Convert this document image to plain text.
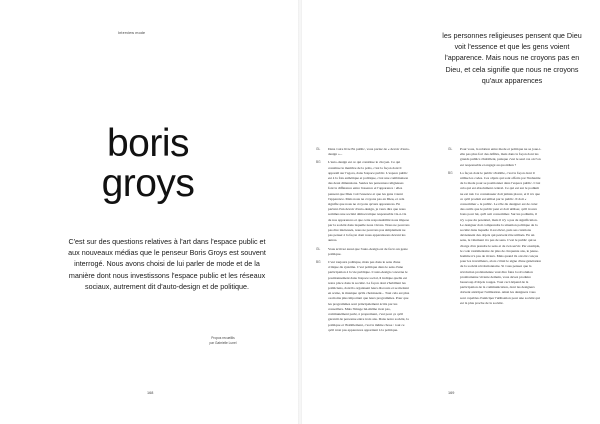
Interview mode
boris
groys
C'est sur des questions relatives à l'art dans l'espace public et aux nouveaux médias que le penseur Boris Groys est souvent interrogé. Nous avons choisi de lui parler de mode et de la manière dont nous investissons l'espace public et les réseaux sociaux, autrement dit d'auto-design et de politique.
Propos recueillis
par Gabrielle Lunel
168
les personnes religieuses pensent que Dieu voit l'essence et que les gens voient l'apparence. Mais nous ne croyons pas en Dieu, et cela signifie que nous ne croyons qu'aux apparences
GL	Dans votre livre En public, vous parlez de « devoir d'auto-design »...
BG	L'auto-design est ce qui constitue le citoyen. Ce qui constitue le membre de la polis, c'est la façon dont il apparaît sur l'agora, dans l'espace public. L'espace public est à la fois esthétique et politique, c'est une combinaison des deux dimensions. Seules les personnes religieuses font la différence entre l'essence et l'apparence : elles pensent que Dieu voit l'essence et que les gens voient l'apparence. Mais nous ne croyons pas en Dieu, et cela signifie que nous ne croyons qu'aux apparences. En parlant d'un devoir d'auto-design, je veux dire que nous sommes une société démocratique responsable vis-à-vis de nos apparences et que cette responsabilité nous impose par la société dans laquelle nous vivons. Nous ne pouvons pas être intéressés, nous ne pouvons pas simplement ne pas penser à la façon dont nous apparaissons devant les autres.
GL	Vous écrivez aussi que l'auto-design est de facto un geste politique.
BG	C'est toujours politique, mais pas dans le sens d'une critique du système. C'est politique dans le sens d'une participation à la vie publique. L'auto-design concerne le positionnement dans l'espace social, il indique quelle est notre place dans la société. La façon dont s'habillent les politiciens, dont ils organisent leurs discours et se mettent en scène, la musique qu'ils choisissent... Tout cela est plus ou moins plus important que leurs programmes. Pour que les programmes sont principalement écrits par les conseillers. Mais l'image lui-même n'est pas, communément parlé, à proprement, c'est pour ça qu'il garantit de personne entre trois ans. Dans notre société, la politique et l'habillement, c'est la même chose : tout ce qu'il n'est pas apparences appartient à la politique.
GL	Pour vous, la relation entre mode et politique ne se joue-t-elle pas plus fort des défilés, mais dans la façon dont les grands publics s'habillent, puisque c'est le seul cas où l'on est responsable et engagé au quotidien ?
BG	La façon dont le public s'habille, c'est la façon dont il utilise les codes. Ces objets qui sont offerts par l'industrie de la mode pour se positionner dans l'espace public. C'est cela qui est absolument central. Ce qui est sur le podium ne est nul. Ce connaisseur doit jamais placer, et il n'a que ce qu'il produit est utilisé par le public. Il doit « consommer » le public. Le rôle du designer est de créer des outils que le public peut et doit utiliser, qu'il trouve bons pour lui, qu'il sait consommer. Sur les podiums, il n'y a que du potentiel, mais il n'y a pas de signification. Le designer doit comprendre la situation politique de la société dans laquelle il est élevé, puis ses créations deviennent des objets qui peuvent être utilisés. En un sens, le vêtement n'a pas de sens. C'est le public qui se charge d'en prendre le sens et de s'en servir. Par exemple, le code vestimentaire de plus de cinquante ans, le jeune-homme n'a pas de rivaux. Mais quand ils ont été conçus pour les travailleurs, alors c'était le signe d'une génération de la société révolutionnaire. Si vous pensez que la révolution prolétarienne veut dire faire la révolution prolétarienne vivante demain, vous devez produire beaucoup d'objets rouges. Tout ceci dépend de la participation de la communication, dont les designers doivent anticiper l'utilisation. Ainsi les designers vous sont capables d'anticiper l'utilisation pour une société qui est la plus proche de la société.
169
